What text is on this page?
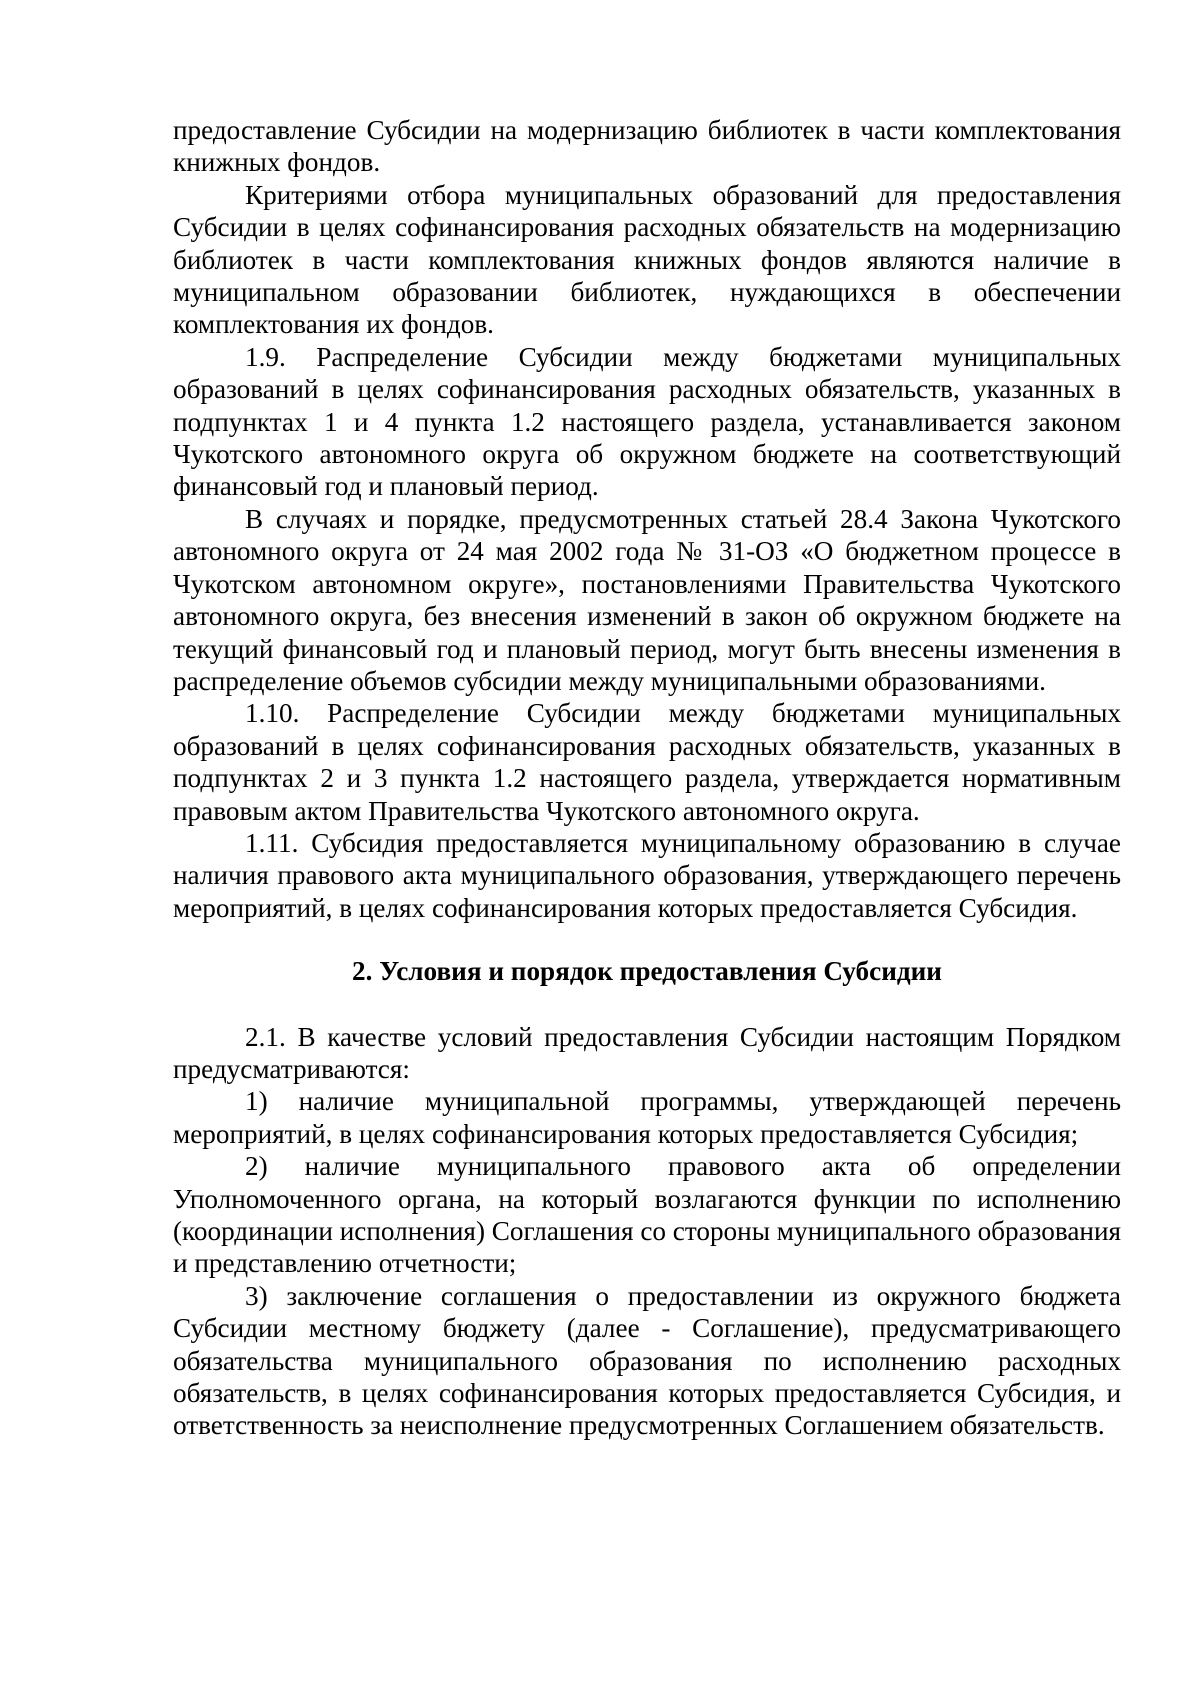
предоставление Субсидии на модернизацию библиотек в части комплектования книжных фондов.

Критериями отбора муниципальных образований для предоставления Субсидии в целях софинансирования расходных обязательств на модернизацию библиотек в части комплектования книжных фондов являются наличие в муниципальном образовании библиотек, нуждающихся в обеспечении комплектования их фондов.

1.9. Распределение Субсидии между бюджетами муниципальных образований в целях софинансирования расходных обязательств, указанных в подпунктах 1 и 4 пункта 1.2 настоящего раздела, устанавливается законом Чукотского автономного округа об окружном бюджете на соответствующий финансовый год и плановый период.

В случаях и порядке, предусмотренных статьей 28.4 Закона Чукотского автономного округа от 24 мая 2002 года № 31-ОЗ «О бюджетном процессе в Чукотском автономном округе», постановлениями Правительства Чукотского автономного округа, без внесения изменений в закон об окружном бюджете на текущий финансовый год и плановый период, могут быть внесены изменения в распределение объемов субсидии между муниципальными образованиями.

1.10. Распределение Субсидии между бюджетами муниципальных образований в целях софинансирования расходных обязательств, указанных в подпунктах 2 и 3 пункта 1.2 настоящего раздела, утверждается нормативным правовым актом Правительства Чукотского автономного округа.

1.11. Субсидия предоставляется муниципальному образованию в случае наличия правового акта муниципального образования, утверждающего перечень мероприятий, в целях софинансирования которых предоставляется Субсидия.

2. Условия и порядок предоставления Субсидии

2.1. В качестве условий предоставления Субсидии настоящим Порядком предусматриваются:

1) наличие муниципальной программы, утверждающей перечень мероприятий, в целях софинансирования которых предоставляется Субсидия;

2) наличие муниципального правового акта об определении Уполномоченного органа, на который возлагаются функции по исполнению (координации исполнения) Соглашения со стороны муниципального образования и представлению отчетности;

3) заключение соглашения о предоставлении из окружного бюджета Субсидии местному бюджету (далее - Соглашение), предусматривающего обязательства муниципального образования по исполнению расходных обязательств, в целях софинансирования которых предоставляется Субсидия, и ответственность за неисполнение предусмотренных Соглашением обязательств.
